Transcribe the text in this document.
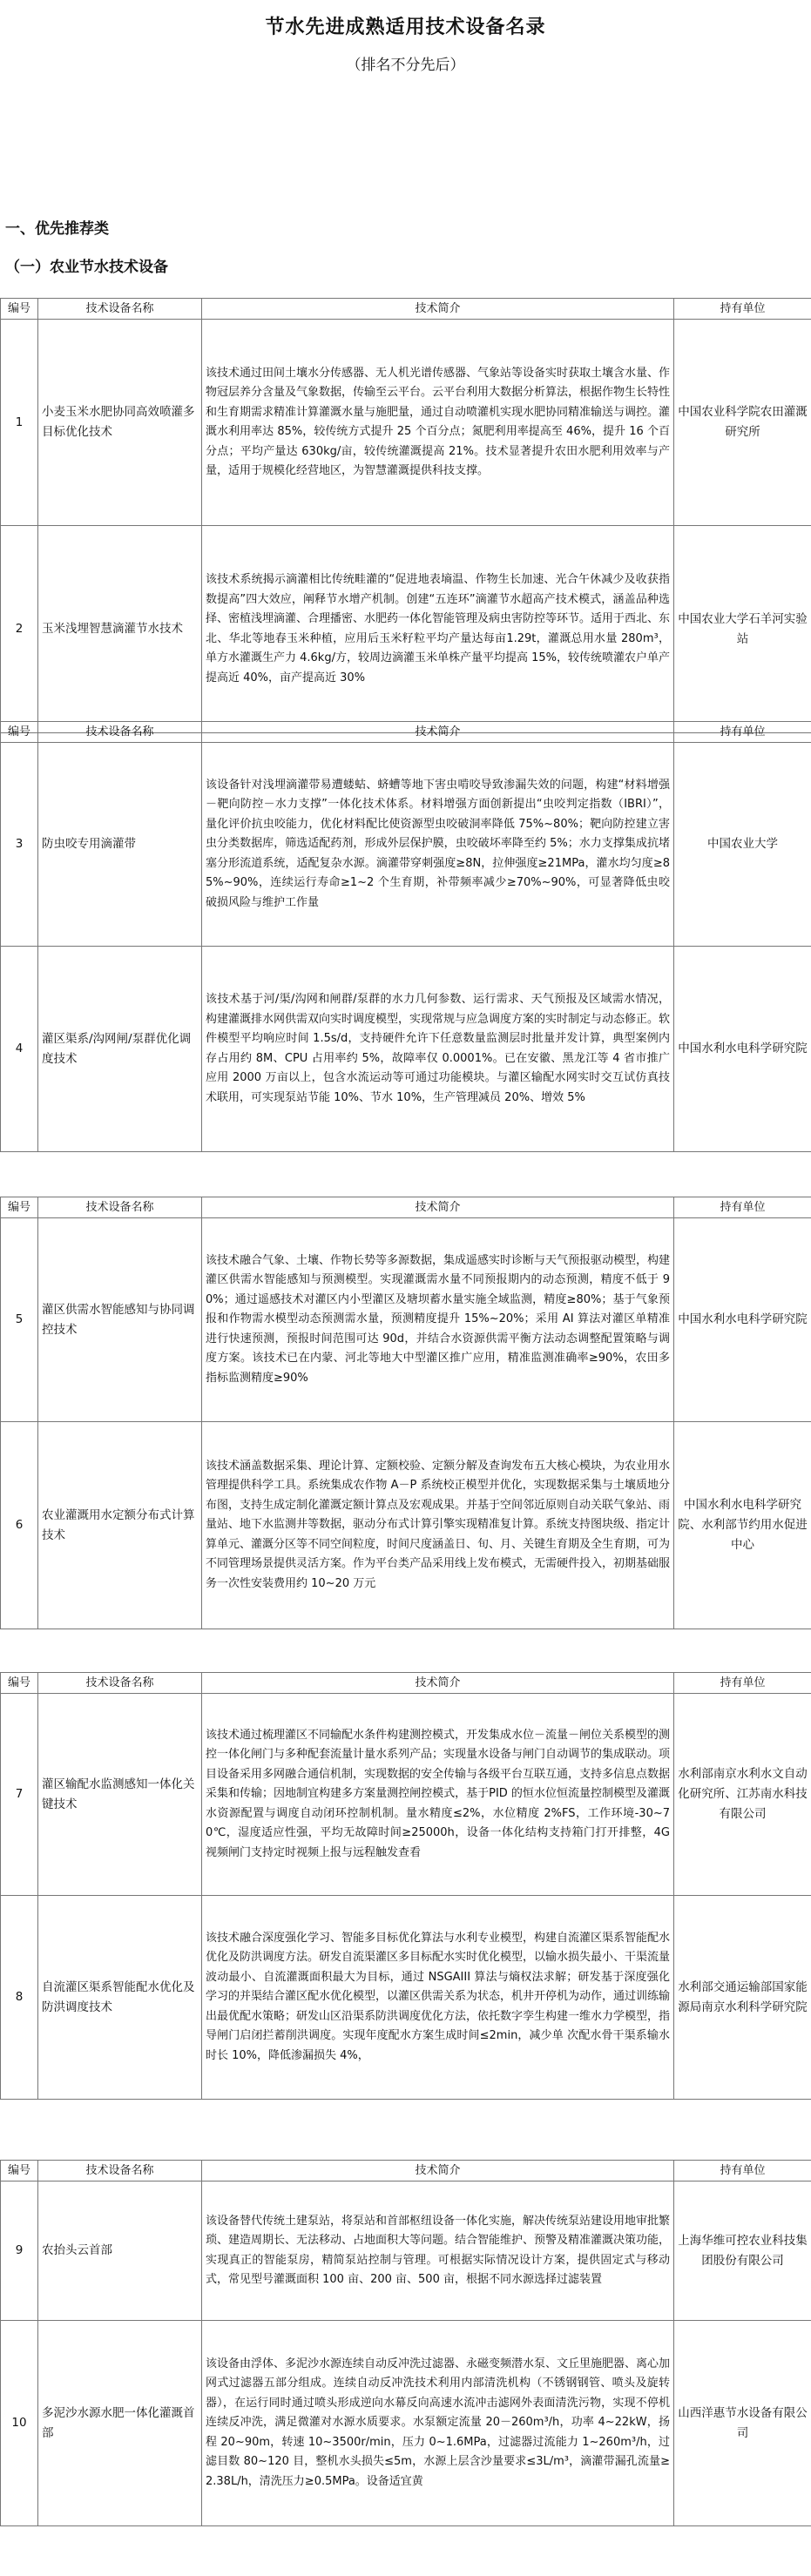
节水先进成熟适用技术设备名录
（排名不分先后）
一、优先推荐类
（一）农业节水技术设备
编号	技术设备名称	技术简介	持有单位
1	小麦玉米水肥协同高效喷灌多目标优化技术	该技术通过田间土壤水分传感器、无人机光谱传感器、气象站等设备实时获取土壤含水量、作物冠层养分含量及气象数据，传输至云平台。云平台利用大数据分析算法，根据作物生长特性和生育期需求精准计算灌溉水量与施肥量，通过自动喷灌机实现水肥协同精准输送与调控。灌溉水利用率达 85%，较传统方式提升 25 个百分点；氮肥利用率提高至 46%，提升 16 个百分点；平均产量达 630kg/亩，较传统灌溉提高 21%。技术显著提升农田水肥利用效率与产量，适用于规模化经营地区，为智慧灌溉提供科技支撑。	中国农业科学院农田灌溉研究所
2	玉米浅埋智慧滴灌节水技术	该技术系统揭示滴灌相比传统畦灌的“促进地表墒温、作物生长加速、光合午休减少及收获指数提高”四大效应，阐释节水增产机制。创建“五连环”滴灌节水超高产技术模式，涵盖品种选择、密植浅埋滴灌、合理播密、水肥药一体化智能管理及病虫害防控等环节。适用于西北、东北、华北等地春玉米种植，应用后玉米籽粒平均产量达每亩1.29t，灌溉总用水量 280m³，单方水灌溉生产力 4.6kg/方，较周边滴灌玉米单株产量平均提高 15%，较传统喷灌农户单产提高近 40%，亩产提高近 30%	中国农业大学石羊河实验站
编号	技术设备名称	技术简介	持有单位
3	防虫咬专用滴灌带	该设备针对浅埋滴灌带易遭蝼蛄、蛴螬等地下害虫啃咬导致渗漏失效的问题，构建“材料增强－靶向防控－水力支撑”一体化技术体系。材料增强方面创新提出“虫咬判定指数（IBRI）”，量化评价抗虫咬能力，优化材料配比使资源型虫咬破洞率降低 75%~80%；靶向防控建立害虫分类数据库，筛选适配药剂，形成外层保护膜，虫咬破坏率降至约 5%；水力支撑集成抗堵塞分形流道系统，适配复杂水源。滴灌带穿刺强度≥8N，拉伸强度≥21MPa，灌水均匀度≥85%~90%，连续运行寿命≥1~2 个生育期，补带频率减少≥70%~90%，可显著降低虫咬破损风险与维护工作量	中国农业大学
4	灌区渠系/沟网闸/泵群优化调度技术	该技术基于河/渠/沟网和闸群/泵群的水力几何参数、运行需求、天气预报及区域需水情况，构建灌溉排水网供需双向实时调度模型，实现常规与应急调度方案的实时制定与动态修正。软件模型平均响应时间 1.5s/d，支持硬件允许下任意数量监测层时批量并发计算，典型案例内存占用约 8M、CPU 占用率约 5%，故障率仅 0.0001%。已在安徽、黑龙江等 4 省市推广应用 2000 万亩以上，包含水流运动等可通过功能模块。与灌区输配水网实时交互试仿真技术联用，可实现泵站节能 10%、节水 10%，生产管理减员 20%、增效 5%	中国水利水电科学研究院
编号	技术设备名称	技术简介	持有单位
5	灌区供需水智能感知与协同调控技术	该技术融合气象、土壤、作物长势等多源数据，集成遥感实时诊断与天气预报驱动模型，构建灌区供需水智能感知与预测模型。实现灌溉需水量不同预报期内的动态预测，精度不低于 90%；通过遥感技术对灌区内小型灌区及塘坝蓄水量实施全域监测，精度≥80%；基于气象预报和作物需水模型动态预测需水量，预测精度提升 15%~20%；采用 AI 算法对灌区单精准进行快速预测，预报时间范围可达 90d，并结合水资源供需平衡方法动态调整配置策略与调度方案。该技术已在内蒙、河北等地大中型灌区推广应用，精准监测准确率≥90%，农田多指标监测精度≥90%	中国水利水电科学研究院
6	农业灌溉用水定额分布式计算技术	该技术涵盖数据采集、理论计算、定额校验、定额分解及查询发布五大核心模块，为农业用水管理提供科学工具。系统集成农作物 A－P 系统校正模型并优化，实现数据采集与土壤质地分布图，支持生成定制化灌溉定额计算点及宏观成果。并基于空间邻近原则自动关联气象站、雨量站、地下水监测井等数据，驱动分布式计算引擎实现精准复计算。系统支持图块级、指定计算单元、灌溉分区等不同空间粒度，时间尺度涵盖日、旬、月、关键生育期及全生育期，可为不同管理场景提供灵活方案。作为平台类产品采用线上发布模式，无需硬件投入，初期基础服务一次性安装费用约 10~20 万元	中国水利水电科学研究院、水利部节约用水促进中心
编号	技术设备名称	技术简介	持有单位
7	灌区输配水监测感知一体化关键技术	该技术通过梳理灌区不同输配水条件构建测控模式，开发集成水位－流量－闸位关系模型的测控一体化闸门与多种配套流量计量水系列产品；实现量水设备与闸门自动调节的集成联动。项目设备采用多网融合通信机制，实现数据的安全传输与各级平台互联互通，支持多信息点数据采集和传输；因地制宜构建多方案量测控闸控模式，基于PID 的恒水位恒流量控制模型及灌溉水资源配置与调度自动闭环控制机制。量水精度≤2%，水位精度 2%FS，工作环境-30~70℃，湿度适应性强，平均无故障时间≥25000h，设备一体化结构支持箱门打开排整，4G 视频闸门支持定时视频上报与远程触发查看	水利部南京水利水文自动化研究所、江苏南水科技有限公司
8	自流灌区渠系智能配水优化及防洪调度技术	该技术融合深度强化学习、智能多目标优化算法与水利专业模型，构建自流灌区渠系智能配水优化及防洪调度方法。研发自流渠灌区多目标配水实时优化模型，以输水损失最小、干渠流量波动最小、自流灌溉面积最大为目标，通过 NSGAIII 算法与熵权法求解；研发基于深度强化学习的并渠结合灌区配水优化模型，以灌区供需关系为状态，机井开停机为动作，通过训练输出最优配水策略；研发山区沿渠系防洪调度优化方法，依托数字孪生构建一维水力学模型，指导闸门启闭拦蓄削洪调度。实现年度配水方案生成时间≤2min，减少单 次配水骨干渠系输水时长 10%，降低渗漏损失 4%，	水利部交通运输部国家能源局南京水利科学研究院
编号	技术设备名称	技术简介	持有单位
9	农抬头云首部	该设备替代传统土建泵站，将泵站和首部枢纽设备一体化实施，解决传统泵站建设用地审批繁琐、建造周期长、无法移动、占地面积大等问题。结合智能维护、预警及精准灌溉决策功能，实现真正的智能泵房，精简泵站控制与管理。可根据实际情况设计方案，提供固定式与移动式，常见型号灌溉面积 100 亩、200 亩、500 亩，根据不同水源选择过滤装置	上海华维可控农业科技集团股份有限公司
10	多泥沙水源水肥一体化灌溉首部	该设备由浮体、多泥沙水源连续自动反冲洗过滤器、永磁变频潜水泵、文丘里施肥器、离心加网式过滤器五部分组成。连续自动反冲洗技术利用内部清洗机构（不锈钢钢管、喷头及旋转器），在运行同时通过喷头形成逆向水幕反向高速水流冲击滤网外表面清洗污物，实现不停机连续反冲洗，满足微灌对水源水质要求。水泵额定流量 20－260m³/h，功率 4~22kW，扬程 20~90m，转速 10~3500r/min，压力 0~1.6MPa，过滤器过流能力 1~260m³/h，过滤目数 80~120 目，整机水头损失≤5m，水源上层含沙量要求≤3L/m³，滴灌带漏孔流量≥2.38L/h，清洗压力≥0.5MPa。设备适宜黄	山西洋惠节水设备有限公司
